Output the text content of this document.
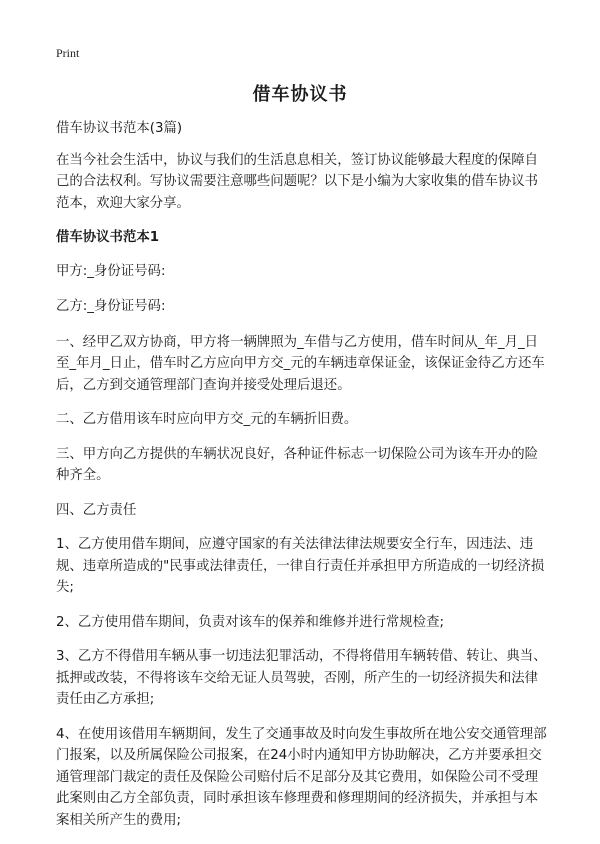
Print
借车协议书

借车协议书范本(3篇)

在当今社会生活中，协议与我们的生活息息相关，签订协议能够最大程度的保障自己的合法权利。写协议需要注意哪些问题呢？以下是小编为大家收集的借车协议书范本，欢迎大家分享。

借车协议书范本1

甲方:_身份证号码:

乙方:_身份证号码:

一、经甲乙双方协商，甲方将一辆牌照为_车借与乙方使用，借车时间从_年_月_日至_年月_日止，借车时乙方应向甲方交_元的车辆违章保证金，该保证金待乙方还车后，乙方到交通管理部门查询并接受处理后退还。

二、乙方借用该车时应向甲方交_元的车辆折旧费。

三、甲方向乙方提供的车辆状况良好，各种证件标志一切保险公司为该车开办的险种齐全。

四、乙方责任

1、乙方使用借车期间，应遵守国家的有关法律法律法规要安全行车，因违法、违规、违章所造成的"民事或法律责任，一律自行责任并承担甲方所造成的一切经济损失;

2、乙方使用借车期间，负责对该车的保养和维修并进行常规检查;

3、乙方不得借用车辆从事一切违法犯罪活动，不得将借用车辆转借、转让、典当、抵押或改装，不得将该车交给无证人员驾驶，否刚，所产生的一切经济损失和法律责任由乙方承担;

4、在使用该借用车辆期间，发生了交通事故及时向发生事故所在地公安交通管理部门报案，以及所属保险公司报案，在24小时内通知甲方协助解决，乙方并要承担交通管理部门裁定的责任及保险公司赔付后不足部分及其它费用，如保险公司不受理此案则由乙方全部负责，同时承担该车修理费和修理期间的经济损失，并承担与本案相关所产生的费用;
